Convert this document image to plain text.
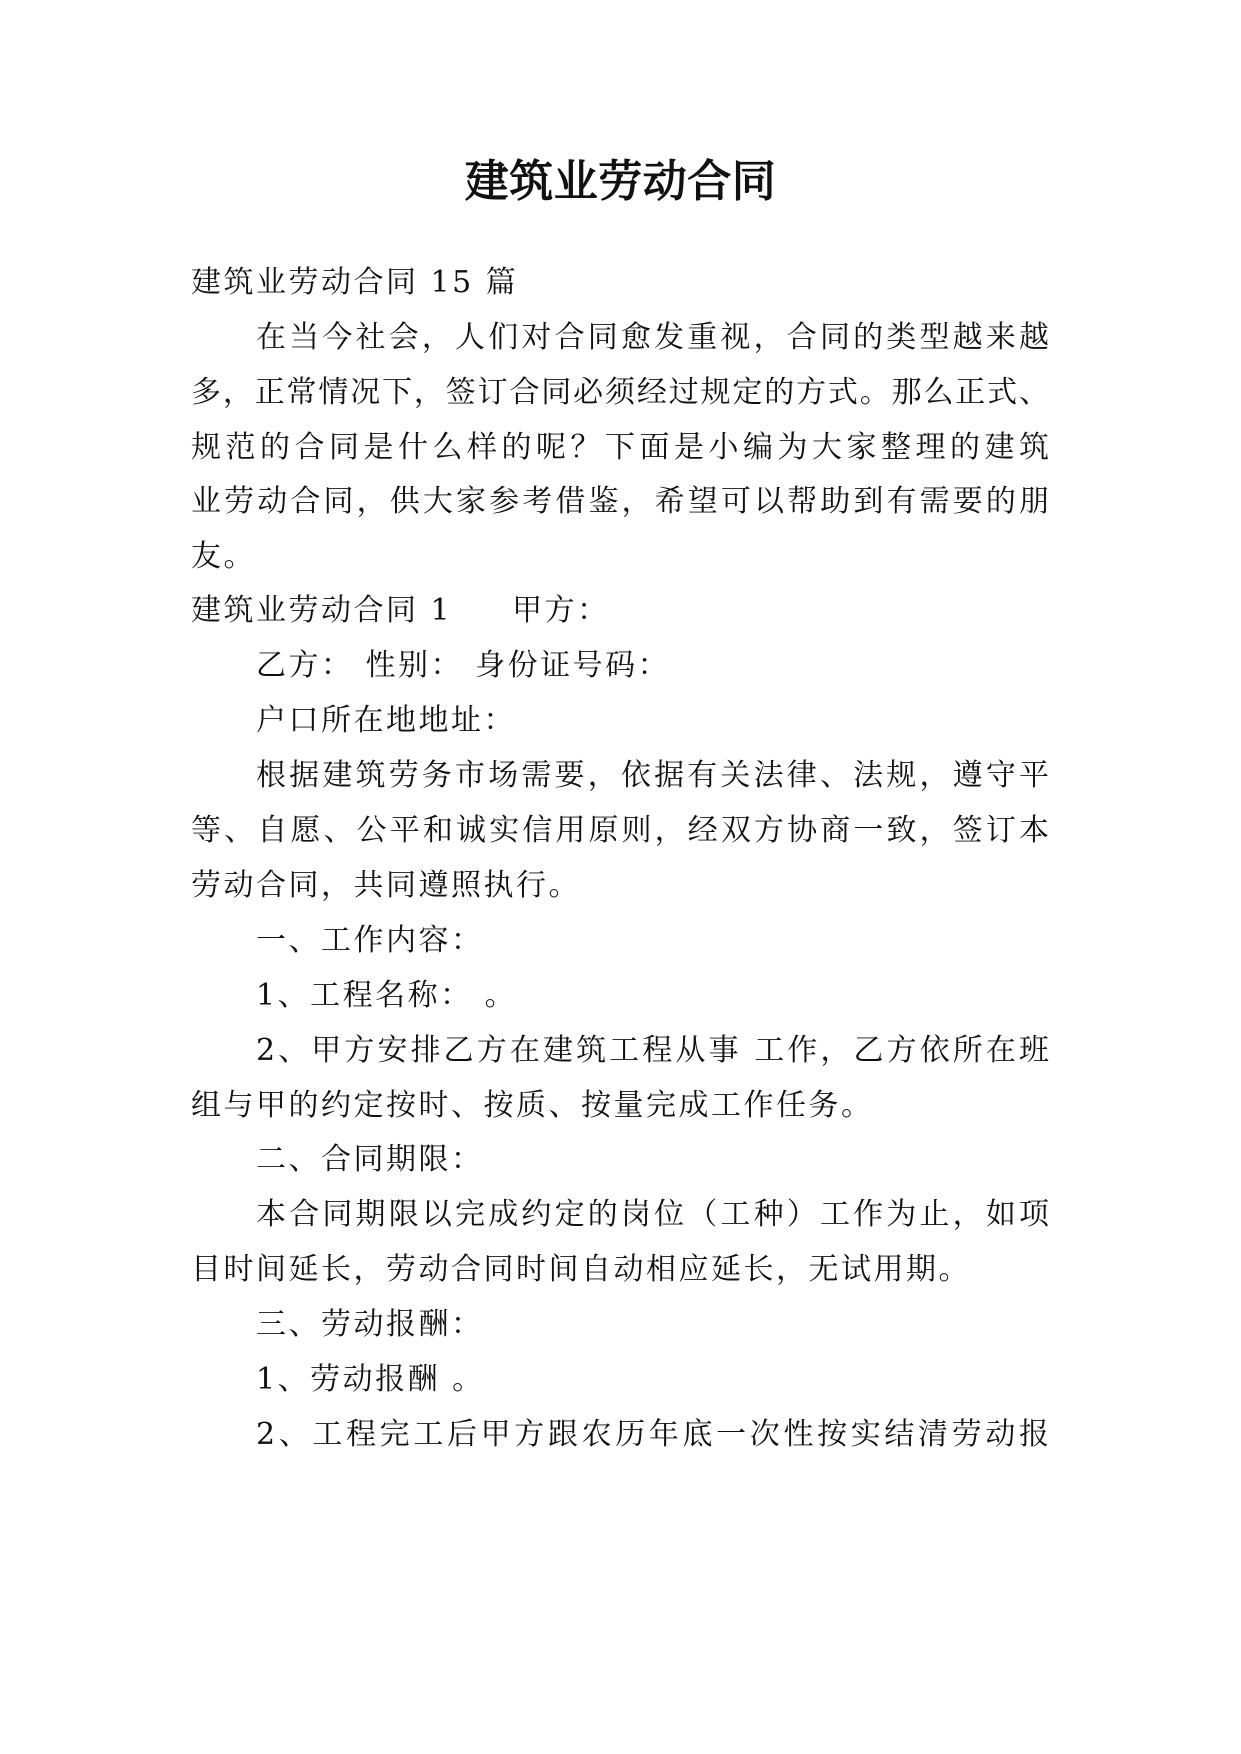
建筑业劳动合同
建筑业劳动合同 15 篇
在当今社会，人们对合同愈发重视，合同的类型越来越
多，正常情况下，签订合同必须经过规定的方式。那么正式、
规范的合同是什么样的呢？下面是小编为大家整理的建筑
业劳动合同，供大家参考借鉴，希望可以帮助到有需要的朋
友。
建筑业劳动合同 1 甲方：
乙方： 性别： 身份证号码：
户口所在地地址：
根据建筑劳务市场需要，依据有关法律、法规，遵守平
等、自愿、公平和诚实信用原则，经双方协商一致，签订本
劳动合同，共同遵照执行。
一、工作内容：
1、工程名称： 。
2、甲方安排乙方在建筑工程从事 工作，乙方依所在班
组与甲的约定按时、按质、按量完成工作任务。
二、合同期限：
本合同期限以完成约定的岗位（工种）工作为止，如项
目时间延长，劳动合同时间自动相应延长，无试用期。
三、劳动报酬：
1、劳动报酬 。
2、工程完工后甲方跟农历年底一次性按实结清劳动报
